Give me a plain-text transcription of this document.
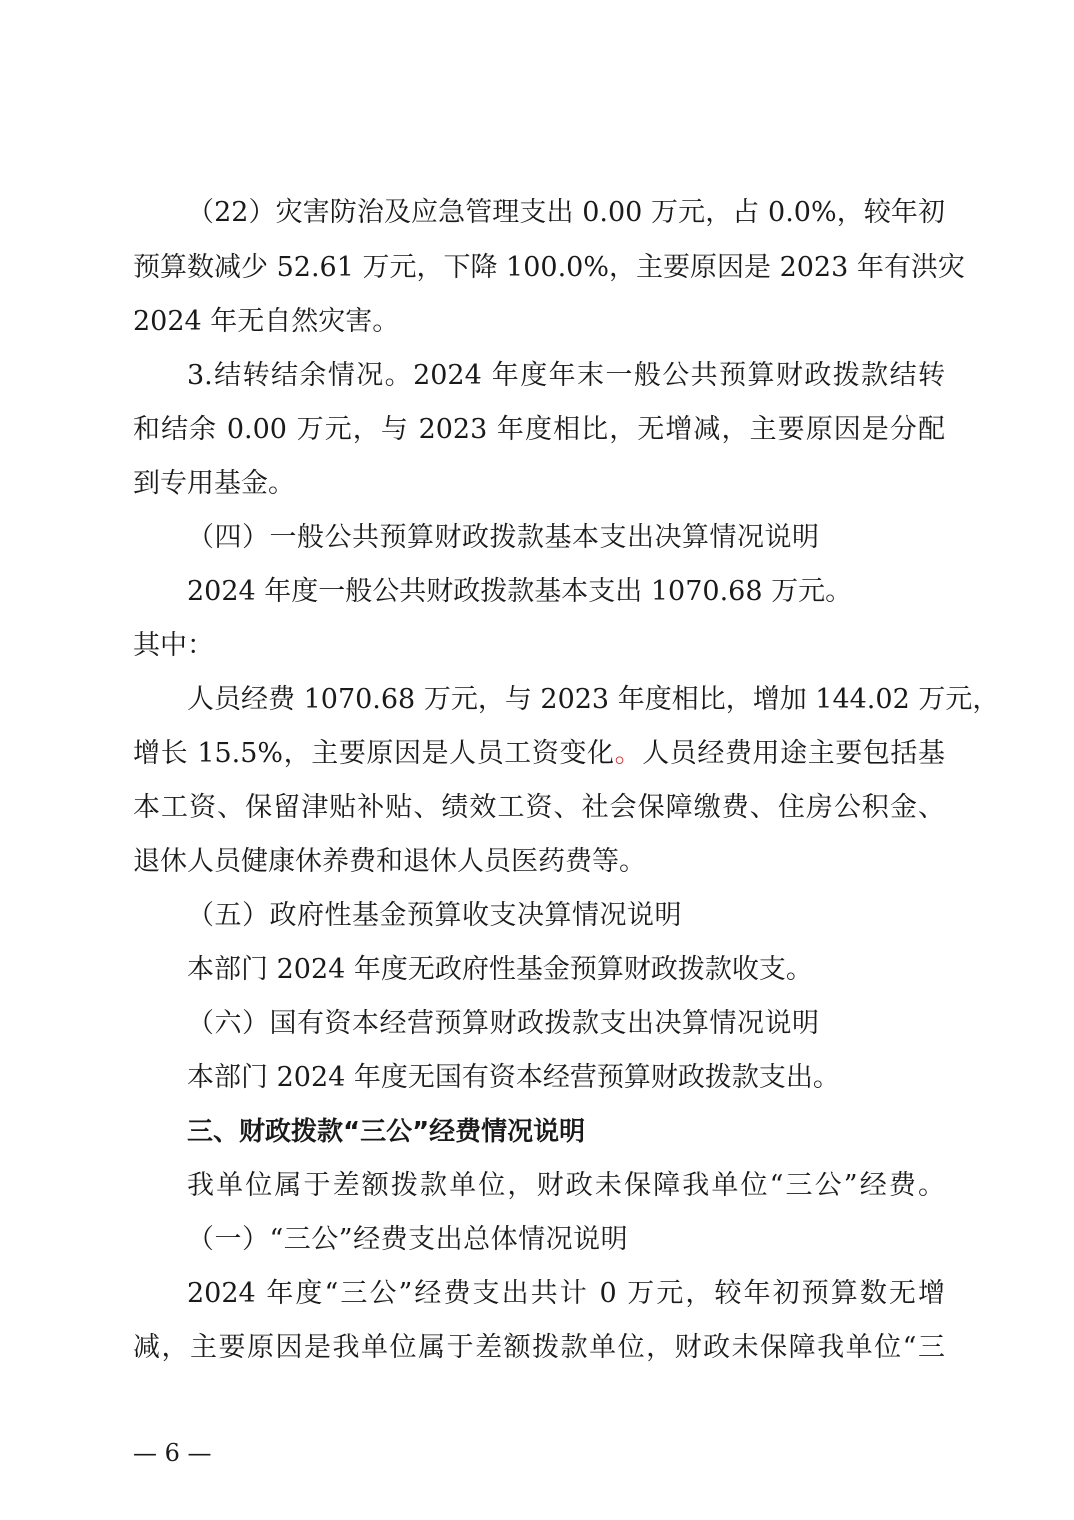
（22）灾害防治及应急管理支出 0.00 万元，占 0.0%，较年初
预算数减少 52.61 万元，下降 100.0%，主要原因是 2023 年有洪灾
2024 年无自然灾害。
3.结转结余情况。2024 年度年末一般公共预算财政拨款结转
和结余 0.00 万元，与 2023 年度相比，无增减，主要原因是分配
到专用基金。
（四）一般公共预算财政拨款基本支出决算情况说明
2024 年度一般公共财政拨款基本支出 1070.68 万元。
其中：
人员经费 1070.68 万元，与 2023 年度相比，增加 144.02 万元，
增长 15.5%，主要原因是人员工资变化。人员经费用途主要包括基
本工资、保留津贴补贴、绩效工资、社会保障缴费、住房公积金、
退休人员健康休养费和退休人员医药费等。
（五）政府性基金预算收支决算情况说明
本部门 2024 年度无政府性基金预算财政拨款收支。
（六）国有资本经营预算财政拨款支出决算情况说明
本部门 2024 年度无国有资本经营预算财政拨款支出。
三、财政拨款“三公”经费情况说明
我单位属于差额拨款单位，财政未保障我单位“三公”经费。
（一）“三公”经费支出总体情况说明
2024 年度“三公”经费支出共计 0 万元，较年初预算数无增
减，主要原因是我单位属于差额拨款单位，财政未保障我单位“三
— 6 —
